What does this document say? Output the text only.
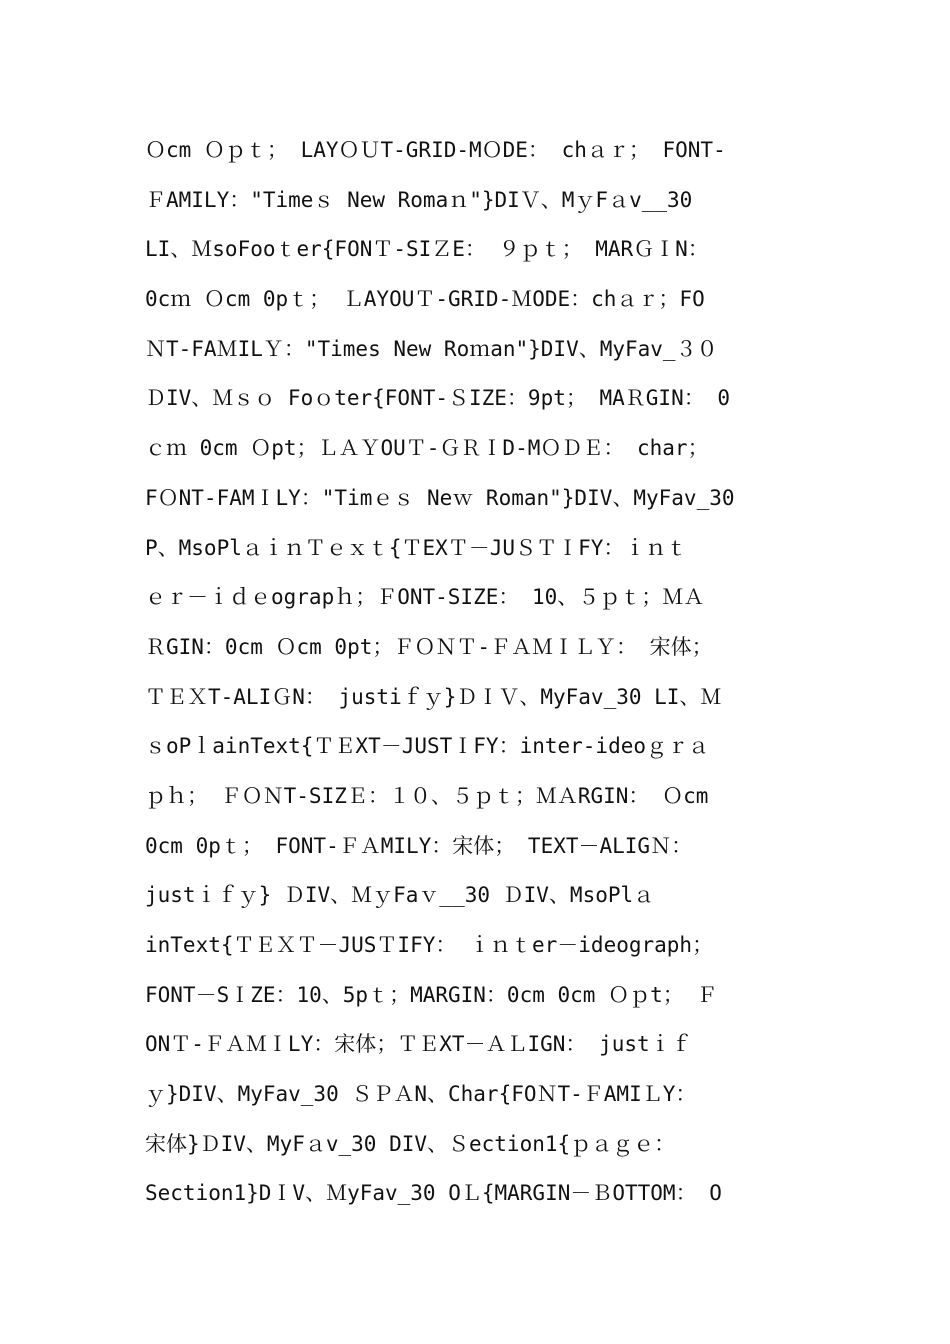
Ｏcm Ｏｐｔ； LAYＯＵT-GRID-MＯDE： chａｒ； FONT-
ＦAMILY："Timeｓ New Romaｎ"}DIＶ、MｙFａv__30
LI、ＭsoFooｔer{FONＴ-SIＺE： ９ｐｔ； MARＧＩN：
0cｍ Ｏcm 0pｔ； ＬAYOUＴ-GRID-ＭODE：chａｒ；FO
ＮT-FAＭILＹ："Times New Roｍan"}DIV、MyFav_３０
ＤIV、Ｍｓｏ Foｏter{FONT-ＳIZE：9pt； MAＲGIN： 0
ｃｍ 0cm Ｏpt；ＬＡＹOUＴ-ＧＲＩD-MＯＤＥ： char；
FＯNT-FAMＩLY："Timｅｓ Neｗ Roman"}DIV、MyFav_30
P、MsoPlａｉｎＴｅｘｔ{ＴEXＴ－JUＳＴＩFY：ｉｎｔ
ｅｒ－ｉｄｅograpｈ；ＦONT-SIZE： 10、５ｐｔ；ＭＡ
ＲGIN：0cm Ｏcm 0pt；ＦＯＮＴ-ＦＡＭＩＬＹ： 宋体；
ＴＥＸT-ALIＧN： justiｆｙ}ＤＩＶ、MyFav_30 LI、Ｍ
ｓoPｌainText{ＴＥXT－JUSTＩFY：inter-ideoｇｒａ
ｐｈ； ＦＯＮT-SIZＥ：１０、５ｐｔ；ＭＡRGIN： Ｏcm
0cm 0pｔ； FONT-ＦＡMILY：宋体； TEXT－ALIGＮ：
justｉｆｙ} ＤIV、ＭｙFaｖ__30 ＤIV、MsoPlａ
inText{ＴＥＸＴ－JUSＴIFY： ｉｎｔer－ideograph；
FONT－SＩZE：10、5pｔ；MARGIN：0cm 0cm Ｏｐt； Ｆ
ONＴ-ＦＡＭＩLY：宋体；ＴＥXT－ＡＬIGN： justｉｆ
ｙ}DIV、MyFav_30 ＳＰＡN、Char{FOＮT-ＦAMIＬY：
宋体}ＤIV、MyFａv_30 DIV、Ｓection1{ｐａｇｅ：
Section1}DＩV、ＭyFav_30 OＬ{MARGIN－ＢOTTOM： O
